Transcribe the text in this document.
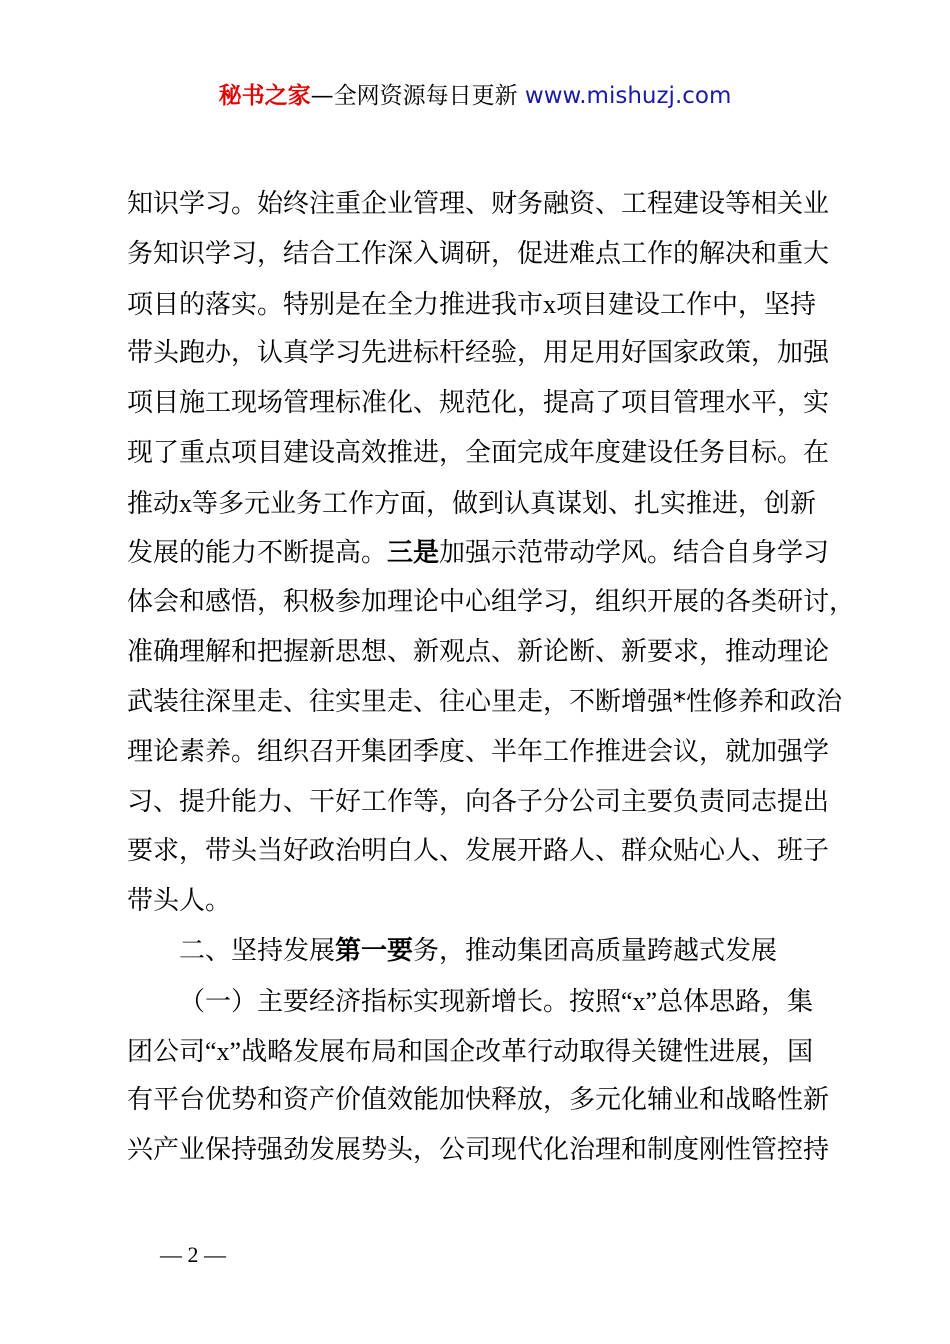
秘书之家—全网资源每日更新 www.mishuzj.com
知识学习。始终注重企业管理、财务融资、工程建设等相关业
务知识学习，结合工作深入调研，促进难点工作的解决和重大
项目的落实。特别是在全力推进我市x项目建设工作中，坚持
带头跑办，认真学习先进标杆经验，用足用好国家政策，加强
项目施工现场管理标准化、规范化，提高了项目管理水平，实
现了重点项目建设高效推进，全面完成年度建设任务目标。在
推动x等多元业务工作方面，做到认真谋划、扎实推进，创新
发展的能力不断提高。三是加强示范带动学风。结合自身学习
体会和感悟，积极参加理论中心组学习，组织开展的各类研讨，
准确理解和把握新思想、新观点、新论断、新要求，推动理论
武装往深里走、往实里走、往心里走，不断增强*性修养和政治
理论素养。组织召开集团季度、半年工作推进会议，就加强学
习、提升能力、干好工作等，向各子分公司主要负责同志提出
要求，带头当好政治明白人、发展开路人、群众贴心人、班子
带头人。
二、坚持发展第一要务，推动集团高质量跨越式发展
（一）主要经济指标实现新增长。按照“x”总体思路，集
团公司“x”战略发展布局和国企改革行动取得关键性进展，国
有平台优势和资产价值效能加快释放，多元化辅业和战略性新
兴产业保持强劲发展势头，公司现代化治理和制度刚性管控持
— 2 —
